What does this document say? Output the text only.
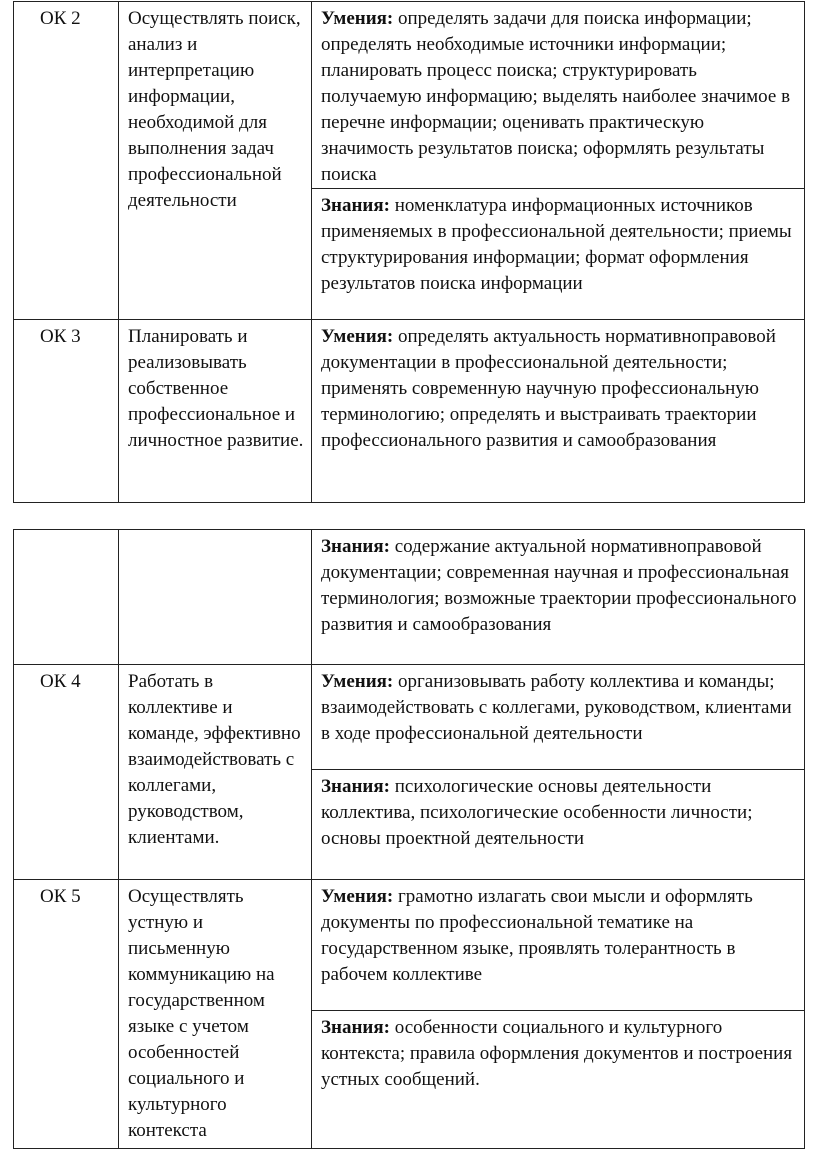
ОК 2	Осуществлять поиск, анализ и интерпретацию информации, необходимой для выполнения задач профессиональной деятельности	Умения: определять задачи для поиска информации; определять необходимые источники информации; планировать процесс поиска; структурировать получаемую информацию; выделять наиболее значимое в перечне информации; оценивать практическую значимость результатов поиска; оформлять результаты поиска
		Знания: номенклатура информационных источников применяемых в профессиональной деятельности; приемы структурирования информации; формат оформления результатов поиска информации
ОК 3	Планировать и реализовывать собственное профессиональное и личностное развитие.	Умения: определять актуальность нормативноправовой документации в профессиональной деятельности; применять современную научную профессиональную терминологию; определять и выстраивать траектории профессионального развития и самообразования
		Знания: содержание актуальной нормативноправовой документации; современная научная и профессиональная терминология; возможные траектории профессионального развития и самообразования
ОК 4	Работать в коллективе и команде, эффективно взаимодействовать с коллегами, руководством, клиентами.	Умения: организовывать работу коллектива и команды; взаимодействовать с коллегами, руководством, клиентами в ходе профессиональной деятельности
		Знания: психологические основы деятельности коллектива, психологические особенности личности; основы проектной деятельности
ОК 5	Осуществлять устную и письменную коммуникацию на государственном языке с учетом особенностей социального и культурного контекста	Умения: грамотно излагать свои мысли и оформлять документы по профессиональной тематике на государственном языке, проявлять толерантность в рабочем коллективе
		Знания: особенности социального и культурного контекста; правила оформления документов и построения устных сообщений.
